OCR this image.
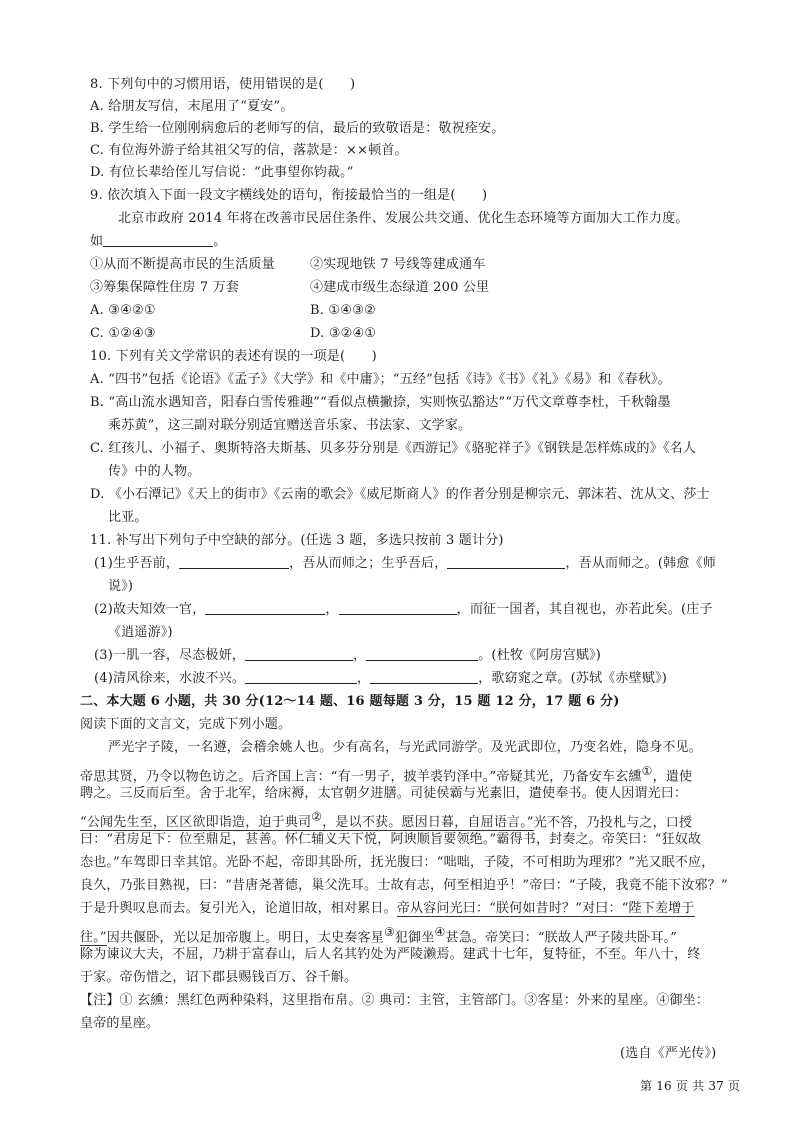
8. 下列句中的习惯用语，使用错误的是(　　)
A. 给朋友写信，末尾用了“夏安”。
B. 学生给一位刚刚病愈后的老师写的信，最后的致敬语是：敬祝痊安。
C. 有位海外游子给其祖父写的信，落款是：××顿首。
D. 有位长辈给侄儿写信说：“此事望你钧裁。”
9. 依次填入下面一段文字横线处的语句，衔接最恰当的一组是(　　)
北京市政府 2014 年将在改善市民居住条件、发展公共交通、优化生态环境等方面加大工作力度。
如	。
①从而不断提高市民的生活质量	②实现地铁 7 号线等建成通车
③筹集保障性住房 7 万套	④建成市级生态绿道 200 公里
A. ③④②①	B. ①④③②
C. ①②④③	D. ③②④①
10. 下列有关文学常识的表述有误的一项是(　　)
A. “四书”包括《论语》《孟子》《大学》和《中庸》；“五经”包括《诗》《书》《礼》《易》和《春秋》。
B. “高山流水遇知音，阳春白雪传雅趣”“看似点横撇捺，实则恢弘豁达”“万代文章尊李杜，千秋翰墨
乘苏黄”，这三副对联分别适宜赠送音乐家、书法家、文学家。
C. 红孩儿、小福子、奥斯特洛夫斯基、贝多芬分别是《西游记》《骆驼祥子》《钢铁是怎样炼成的》《名人
传》中的人物。
D. 《小石潭记》《天上的街市》《云南的歌会》《威尼斯商人》的作者分别是柳宗元、郭沫若、沈从文、莎士
比亚。
11. 补写出下列句子中空缺的部分。(任选 3 题，多选只按前 3 题计分)
(1)生乎吾前，	，吾从而师之；生乎吾后，	，吾从而师之。(韩愈《师
说》)
(2)故夫知效一官，	，	，而征一国者，其自视也，亦若此矣。(庄子
《逍遥游》)
(3)一肌一容，尽态极妍，	，	。(杜牧《阿房宫赋》)
(4)清风徐来，水波不兴。	，	，歌窈窕之章。(苏轼《赤壁赋》)
二、本大题 6 小题，共 30 分(12～14 题、16 题每题 3 分，15 题 12 分，17 题 6 分)
阅读下面的文言文，完成下列小题。
严光字子陵，一名遵，会稽余姚人也。少有高名，与光武同游学。及光武即位，乃变名姓，隐身不见。
帝思其贤，乃令以物色访之。后齐国上言：“有一男子，披羊裘钓泽中。”帝疑其光，乃备安车玄纁①，遣使
聘之。三反而后至。舍于北军，给床褥，太官朝夕进膳。司徒侯霸与光素旧，遣使奉书。使人因谓光曰：
“公闻先生至，区区欲即诣造，迫于典司②，是以不获。愿因日暮，自屈语言。”光不答，乃投札与之，口授
曰：“君房足下：位至鼎足，甚善。怀仁辅义天下悦，阿谀顺旨要领绝。”霸得书，封奏之。帝笑曰：“狂奴故
态也。”车驾即日幸其馆。光卧不起，帝即其卧所，抚光腹曰：“咄咄，子陵，不可相助为理邪？”光又眠不应，
良久，乃张目熟视，曰：“昔唐尧著德，巢父洗耳。士故有志，何至相迫乎！”帝曰：“子陵，我竟不能下汝邪？”
于是升舆叹息而去。复引光入，论道旧故，相对累日。帝从容问光曰：“朕何如昔时？”对曰：“陛下差增于
往。”因共偃卧，光以足加帝腹上。明日，太史奏客星③犯御坐④甚急。帝笑曰：“朕故人严子陵共卧耳。”
除为谏议大夫，不屈，乃耕于富春山，后人名其钓处为严陵濑焉。建武十七年，复特征，不至。年八十，终
于家。帝伤惜之，诏下郡县赐钱百万、谷千斛。
【注】① 玄纁：黑红色两种染料，这里指布帛。② 典司：主管，主管部门。③客星：外来的星座。④御坐：
皇帝的星座。
(选自《严光传》)
第 16 页 共 37 页
